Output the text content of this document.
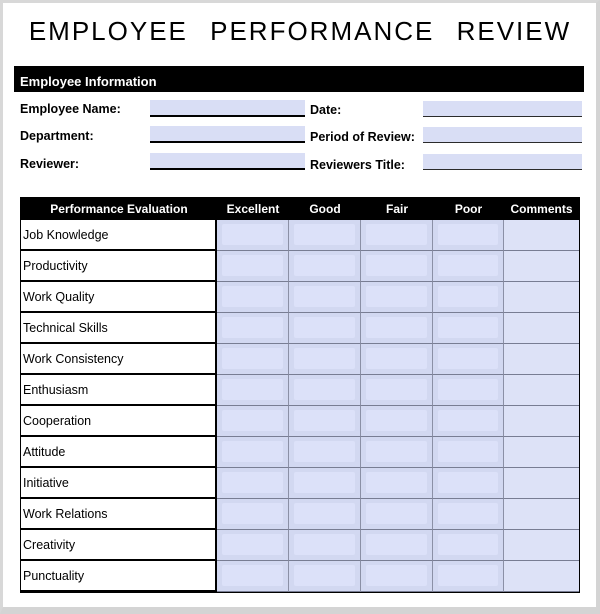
EMPLOYEE PERFORMANCE REVIEW
Employee Information
Employee Name:	Date:
Department:	Period of Review:
Reviewer:	Reviewers Title:
Performance Evaluation	Excellent	Good	Fair	Poor	Comments
Job Knowledge
Productivity
Work Quality
Technical Skills
Work Consistency
Enthusiasm
Cooperation
Attitude
Initiative
Work Relations
Creativity
Punctuality
